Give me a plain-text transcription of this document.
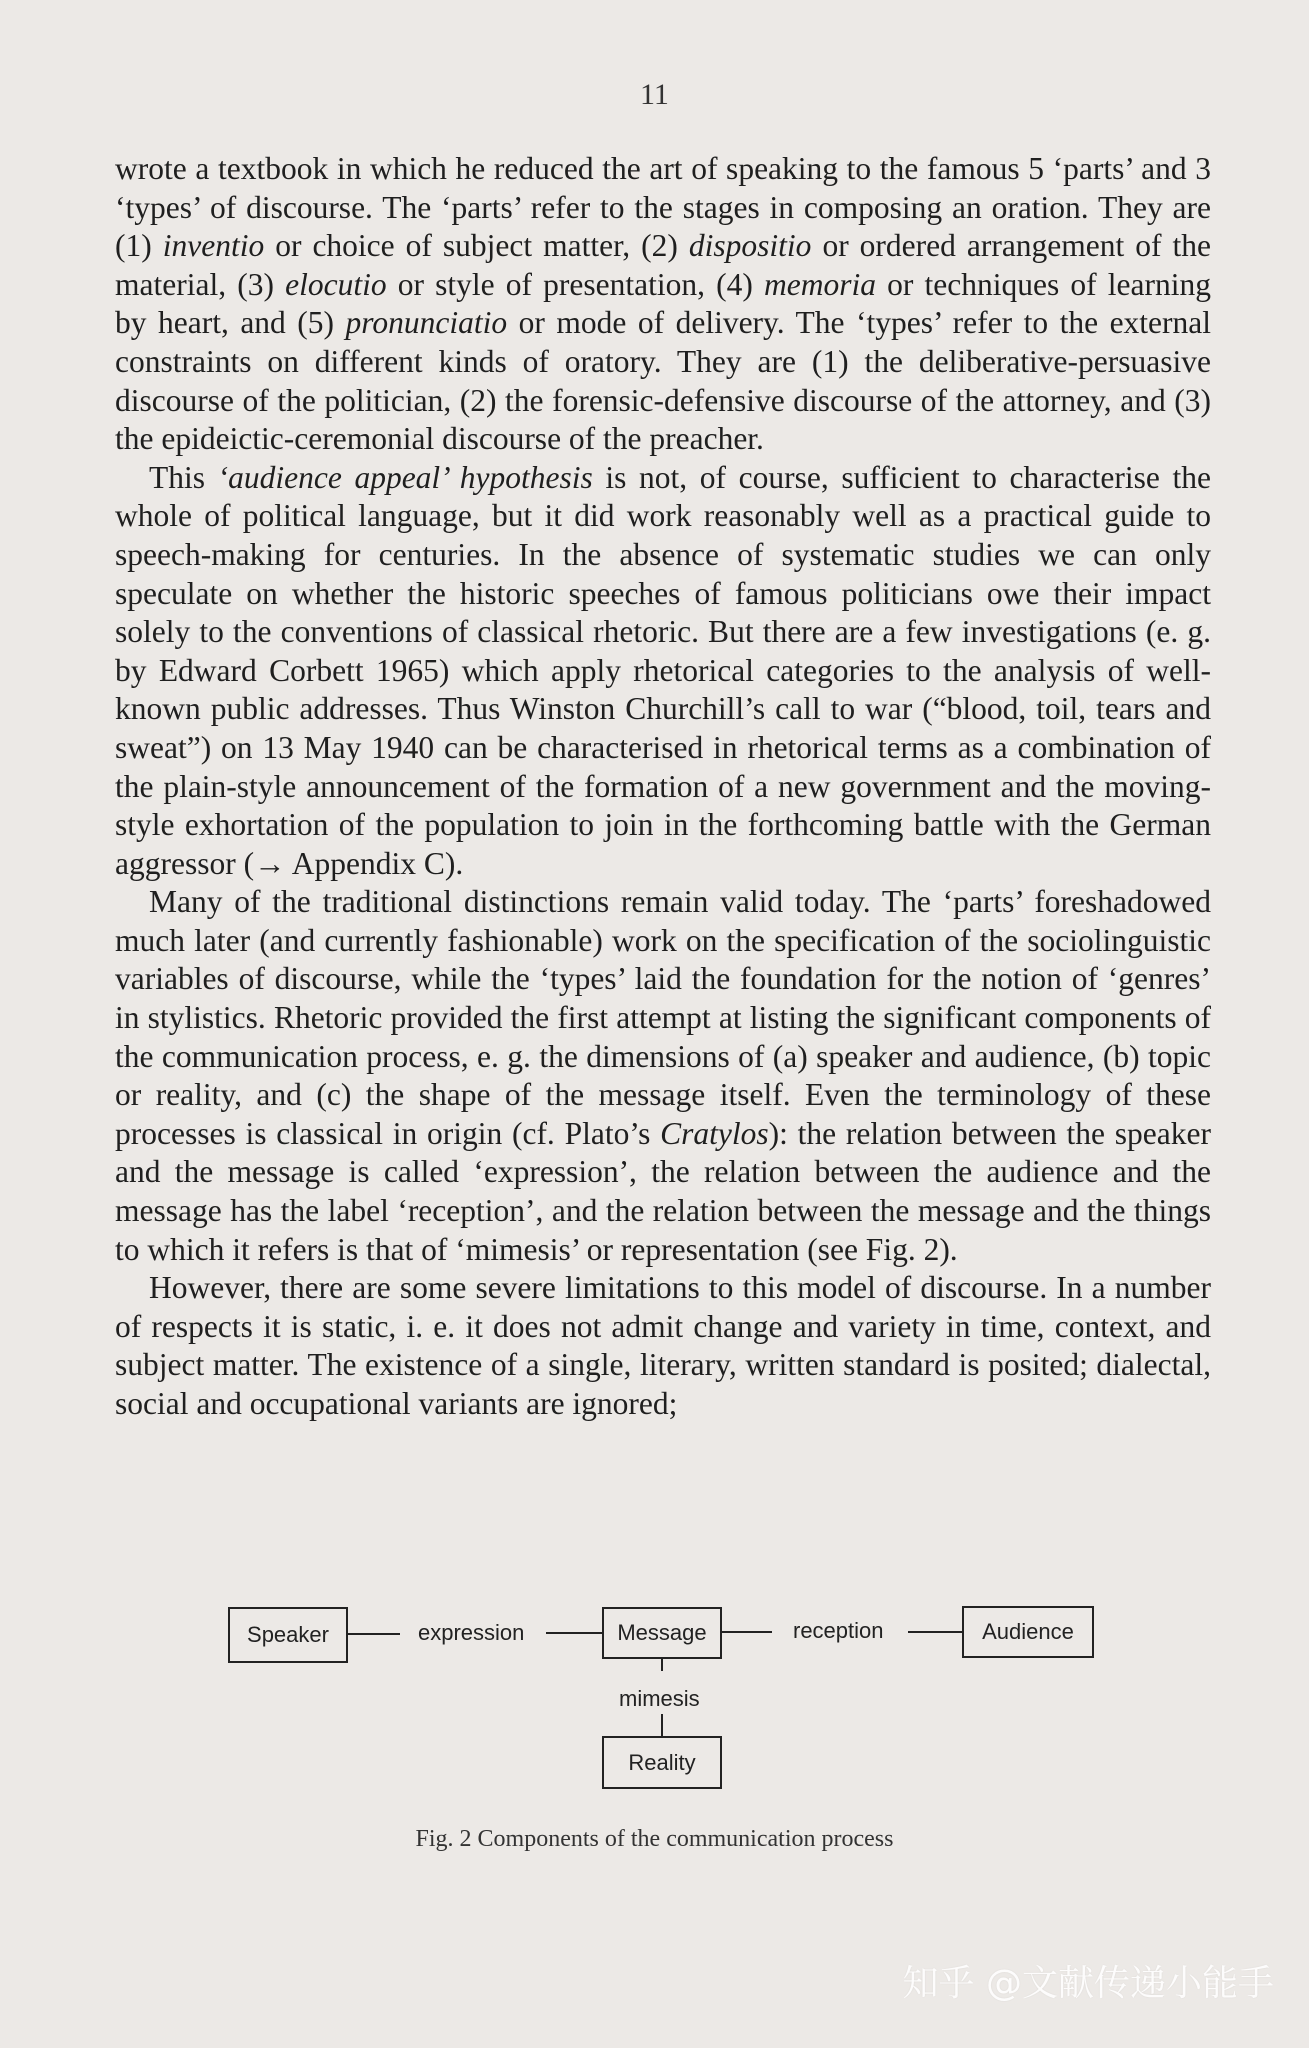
11

wrote a textbook in which he reduced the art of speaking to the famous 5 ‘parts’ and 3 ‘types’ of discourse. The ‘parts’ refer to the stages in composing an oration. They are (1) inventio or choice of subject matter, (2) dispositio or ordered arrangement of the material, (3) elocutio or style of presentation, (4) memoria or techniques of learning by heart, and (5) pronunciatio or mode of delivery. The ‘types’ refer to the external constraints on different kinds of oratory. They are (1) the deliberative-persuasive discourse of the politician, (2) the forensic-defensive discourse of the attorney, and (3) the epideictic-ceremonial discourse of the preacher.

This ‘audience appeal’ hypothesis is not, of course, sufficient to characterise the whole of political language, but it did work reasonably well as a practical guide to speech-making for centuries. In the absence of systematic studies we can only speculate on whether the historic speeches of famous politicians owe their impact solely to the conventions of classical rhetoric. But there are a few investigations (e. g. by Edward Corbett 1965) which apply rhetorical categories to the analysis of well-known public addresses. Thus Winston Churchill’s call to war (“blood, toil, tears and sweat”) on 13 May 1940 can be characterised in rhetorical terms as a combination of the plain-style announcement of the formation of a new government and the moving-style exhortation of the population to join in the forthcoming battle with the German aggressor (→ Appendix C).

Many of the traditional distinctions remain valid today. The ‘parts’ foreshadowed much later (and currently fashionable) work on the specification of the sociolinguistic variables of discourse, while the ‘types’ laid the foundation for the notion of ‘genres’ in stylistics. Rhetoric provided the first attempt at listing the significant components of the communication process, e. g. the dimensions of (a) speaker and audience, (b) topic or reality, and (c) the shape of the message itself. Even the terminology of these processes is classical in origin (cf. Plato’s Cratylos): the relation between the speaker and the message is called ‘expression’, the relation between the audience and the message has the label ‘reception’, and the relation between the message and the things to which it refers is that of ‘mimesis’ or representation (see Fig. 2).

However, there are some severe limitations to this model of discourse. In a number of respects it is static, i. e. it does not admit change and variety in time, context, and subject matter. The existence of a single, literary, written standard is posited; dialectal, social and occupational variants are ignored;

Speaker	expression	Message	reception	Audience
mimesis
Reality
Fig. 2 Components of the communication process
知乎 @文献传递小能手
